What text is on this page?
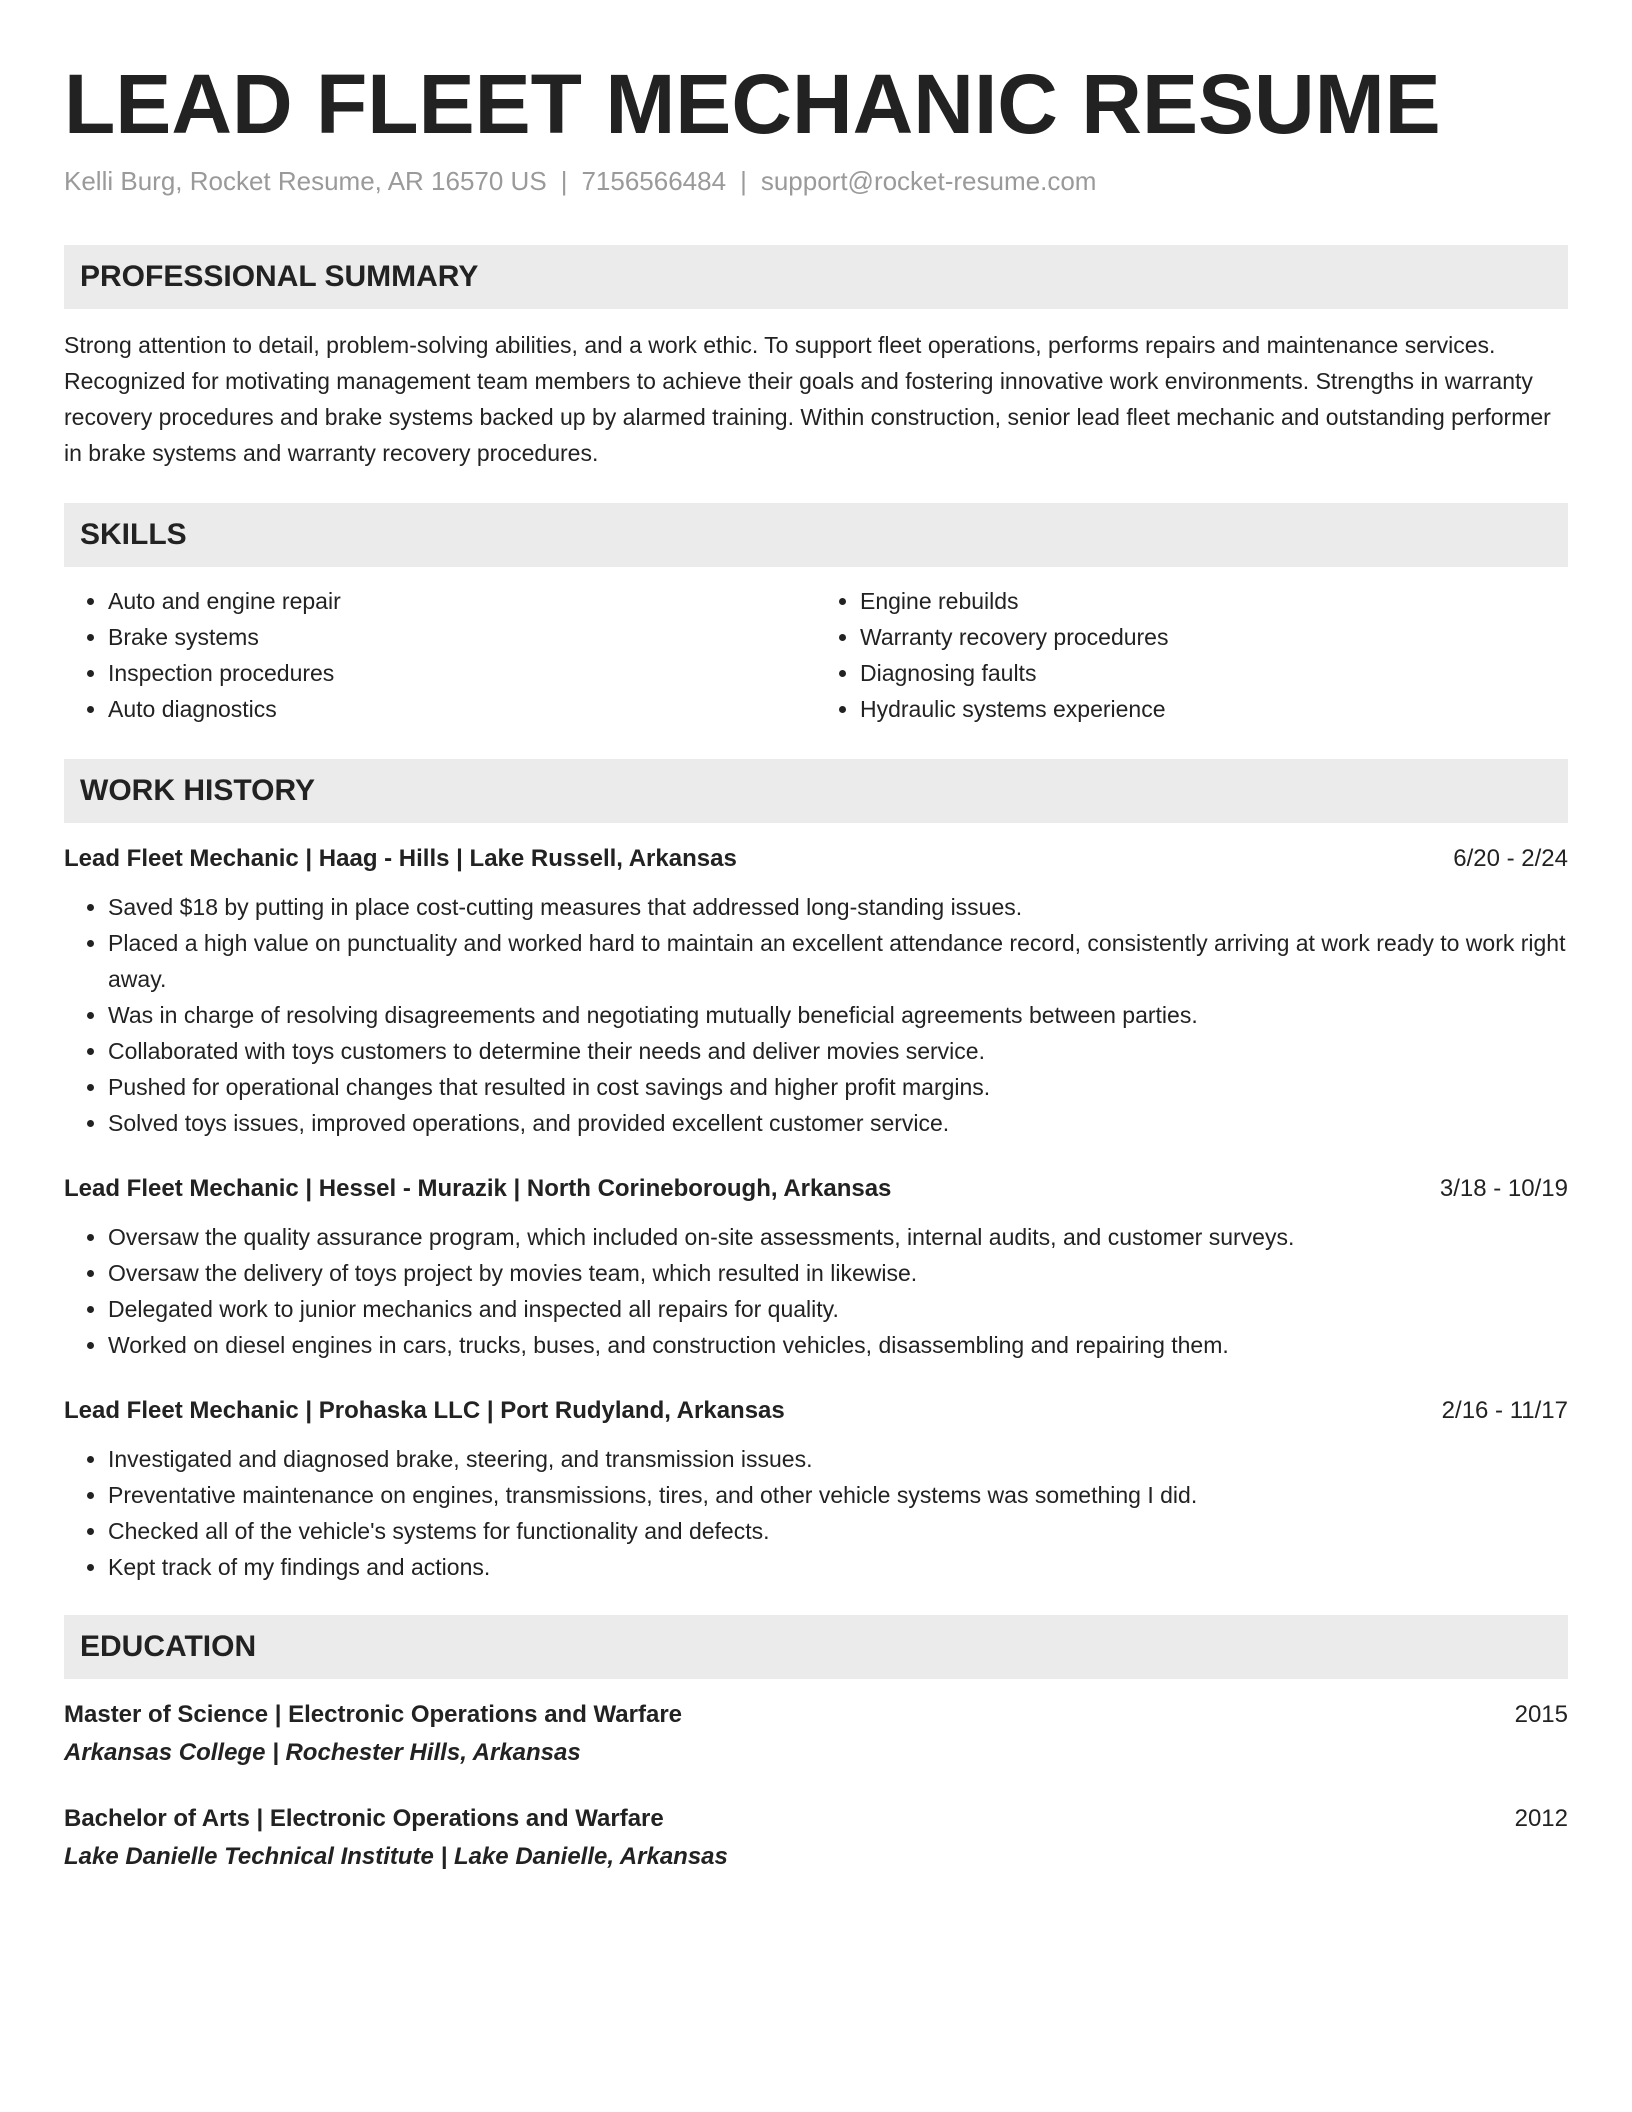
LEAD FLEET MECHANIC RESUME
Kelli Burg, Rocket Resume, AR 16570 US | 7156566484 | support@rocket-resume.com
PROFESSIONAL SUMMARY
Strong attention to detail, problem-solving abilities, and a work ethic. To support fleet operations, performs repairs and maintenance services. Recognized for motivating management team members to achieve their goals and fostering innovative work environments. Strengths in warranty recovery procedures and brake systems backed up by alarmed training. Within construction, senior lead fleet mechanic and outstanding performer in brake systems and warranty recovery procedures.
SKILLS
• Auto and engine repair
• Brake systems
• Inspection procedures
• Auto diagnostics
• Engine rebuilds
• Warranty recovery procedures
• Diagnosing faults
• Hydraulic systems experience
WORK HISTORY
Lead Fleet Mechanic | Haag - Hills | Lake Russell, Arkansas	6/20 - 2/24
• Saved $18 by putting in place cost-cutting measures that addressed long-standing issues.
• Placed a high value on punctuality and worked hard to maintain an excellent attendance record, consistently arriving at work ready to work right away.
• Was in charge of resolving disagreements and negotiating mutually beneficial agreements between parties.
• Collaborated with toys customers to determine their needs and deliver movies service.
• Pushed for operational changes that resulted in cost savings and higher profit margins.
• Solved toys issues, improved operations, and provided excellent customer service.
Lead Fleet Mechanic | Hessel - Murazik | North Corineborough, Arkansas	3/18 - 10/19
• Oversaw the quality assurance program, which included on-site assessments, internal audits, and customer surveys.
• Oversaw the delivery of toys project by movies team, which resulted in likewise.
• Delegated work to junior mechanics and inspected all repairs for quality.
• Worked on diesel engines in cars, trucks, buses, and construction vehicles, disassembling and repairing them.
Lead Fleet Mechanic | Prohaska LLC | Port Rudyland, Arkansas	2/16 - 11/17
• Investigated and diagnosed brake, steering, and transmission issues.
• Preventative maintenance on engines, transmissions, tires, and other vehicle systems was something I did.
• Checked all of the vehicle's systems for functionality and defects.
• Kept track of my findings and actions.
EDUCATION
Master of Science | Electronic Operations and Warfare	2015
Arkansas College | Rochester Hills, Arkansas
Bachelor of Arts | Electronic Operations and Warfare	2012
Lake Danielle Technical Institute | Lake Danielle, Arkansas
